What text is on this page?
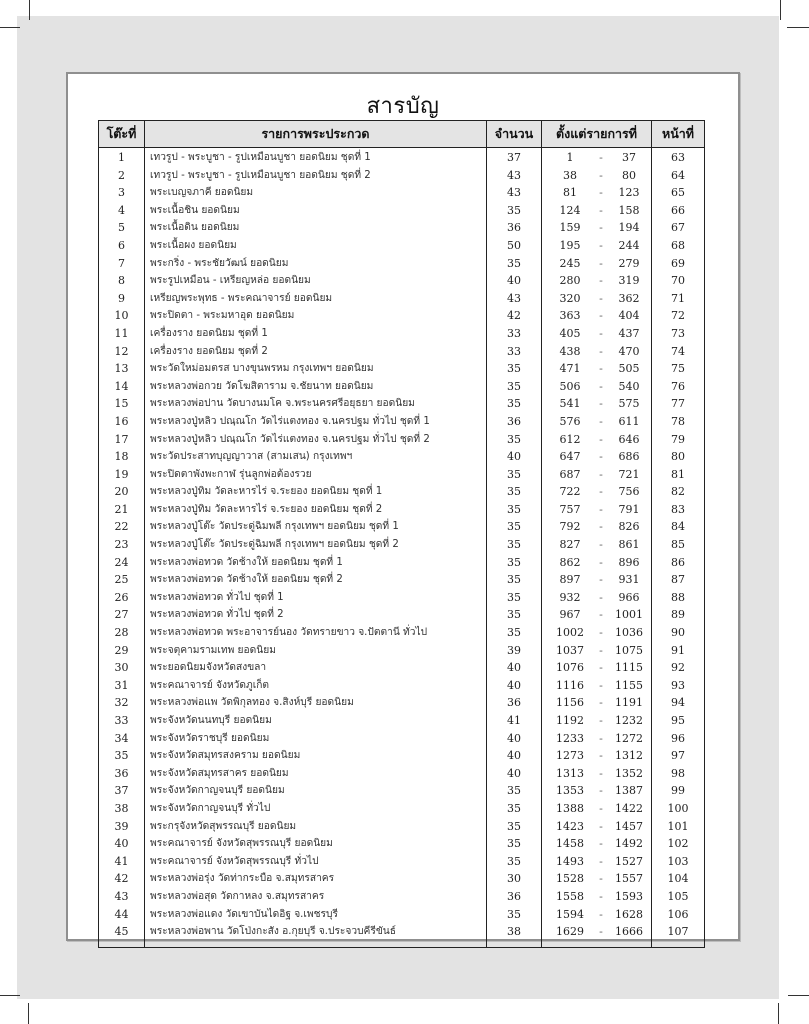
สารบัญ
โต๊ะที่	รายการพระประกวด	จำนวน	ตั้งแต่รายการที่	หน้าที่
1	เทวรูป - พระบูชา - รูปเหมือนบูชา ยอดนิยม ชุดที่ 1	37	1 - 37	63
2	เทวรูป - พระบูชา - รูปเหมือนบูชา ยอดนิยม ชุดที่ 2	43	38 - 80	64
3	พระเบญจภาคี ยอดนิยม	43	81 - 123	65
4	พระเนื้อชิน ยอดนิยม	35	124 - 158	66
5	พระเนื้อดิน ยอดนิยม	36	159 - 194	67
6	พระเนื้อผง ยอดนิยม	50	195 - 244	68
7	พระกริ่ง - พระชัยวัฒน์ ยอดนิยม	35	245 - 279	69
8	พระรูปเหมือน - เหรียญหล่อ ยอดนิยม	40	280 - 319	70
9	เหรียญพระพุทธ - พระคณาจารย์ ยอดนิยม	43	320 - 362	71
10	พระปิดตา - พระมหาอุด ยอดนิยม	42	363 - 404	72
11	เครื่องราง ยอดนิยม ชุดที่ 1	33	405 - 437	73
12	เครื่องราง ยอดนิยม ชุดที่ 2	33	438 - 470	74
13	พระวัดใหม่อมตรส บางขุนพรหม กรุงเทพฯ ยอดนิยม	35	471 - 505	75
14	พระหลวงพ่อกวย วัดโฆสิตาราม จ.ชัยนาท ยอดนิยม	35	506 - 540	76
15	พระหลวงพ่อปาน วัดบางนมโค จ.พระนครศรีอยุธยา ยอดนิยม	35	541 - 575	77
16	พระหลวงปู่หลิว ปณฺณโก วัดไร่แตงทอง จ.นครปฐม ทั่วไป ชุดที่ 1	36	576 - 611	78
17	พระหลวงปู่หลิว ปณฺณโก วัดไร่แตงทอง จ.นครปฐม ทั่วไป ชุดที่ 2	35	612 - 646	79
18	พระวัดประสาทบุญญาวาส (สามเสน) กรุงเทพฯ	40	647 - 686	80
19	พระปิดตาพังพะกาฬ รุ่นลูกพ่อต้องรวย	35	687 - 721	81
20	พระหลวงปู่ทิม วัดละหารไร่ จ.ระยอง ยอดนิยม ชุดที่ 1	35	722 - 756	82
21	พระหลวงปู่ทิม วัดละหารไร่ จ.ระยอง ยอดนิยม ชุดที่ 2	35	757 - 791	83
22	พระหลวงปู่โต๊ะ วัดประดู่ฉิมพลี กรุงเทพฯ ยอดนิยม ชุดที่ 1	35	792 - 826	84
23	พระหลวงปู่โต๊ะ วัดประดู่ฉิมพลี กรุงเทพฯ ยอดนิยม ชุดที่ 2	35	827 - 861	85
24	พระหลวงพ่อทวด วัดช้างให้ ยอดนิยม ชุดที่ 1	35	862 - 896	86
25	พระหลวงพ่อทวด วัดช้างให้ ยอดนิยม ชุดที่ 2	35	897 - 931	87
26	พระหลวงพ่อทวด ทั่วไป ชุดที่ 1	35	932 - 966	88
27	พระหลวงพ่อทวด ทั่วไป ชุดที่ 2	35	967 - 1001	89
28	พระหลวงพ่อทวด พระอาจารย์นอง วัดทรายขาว จ.ปัตตานี ทั่วไป	35	1002 - 1036	90
29	พระจตุคามรามเทพ ยอดนิยม	39	1037 - 1075	91
30	พระยอดนิยมจังหวัดสงขลา	40	1076 - 1115	92
31	พระคณาจารย์ จังหวัดภูเก็ต	40	1116 - 1155	93
32	พระหลวงพ่อแพ วัดพิกุลทอง จ.สิงห์บุรี ยอดนิยม	36	1156 - 1191	94
33	พระจังหวัดนนทบุรี ยอดนิยม	41	1192 - 1232	95
34	พระจังหวัดราชบุรี ยอดนิยม	40	1233 - 1272	96
35	พระจังหวัดสมุทรสงคราม ยอดนิยม	40	1273 - 1312	97
36	พระจังหวัดสมุทรสาคร ยอดนิยม	40	1313 - 1352	98
37	พระจังหวัดกาญจนบุรี ยอดนิยม	35	1353 - 1387	99
38	พระจังหวัดกาญจนบุรี ทั่วไป	35	1388 - 1422	100
39	พระกรุจังหวัดสุพรรณบุรี ยอดนิยม	35	1423 - 1457	101
40	พระคณาจารย์ จังหวัดสุพรรณบุรี ยอดนิยม	35	1458 - 1492	102
41	พระคณาจารย์ จังหวัดสุพรรณบุรี ทั่วไป	35	1493 - 1527	103
42	พระหลวงพ่อรุ่ง วัดท่ากระบือ จ.สมุทรสาคร	30	1528 - 1557	104
43	พระหลวงพ่อสุด วัดกาหลง จ.สมุทรสาคร	36	1558 - 1593	105
44	พระหลวงพ่อแดง วัดเขาบันไดอิฐ จ.เพชรบุรี	35	1594 - 1628	106
45	พระหลวงพ่อพาน วัดโป่งกะสัง อ.กุยบุรี จ.ประจวบคีรีขันธ์	38	1629 - 1666	107
